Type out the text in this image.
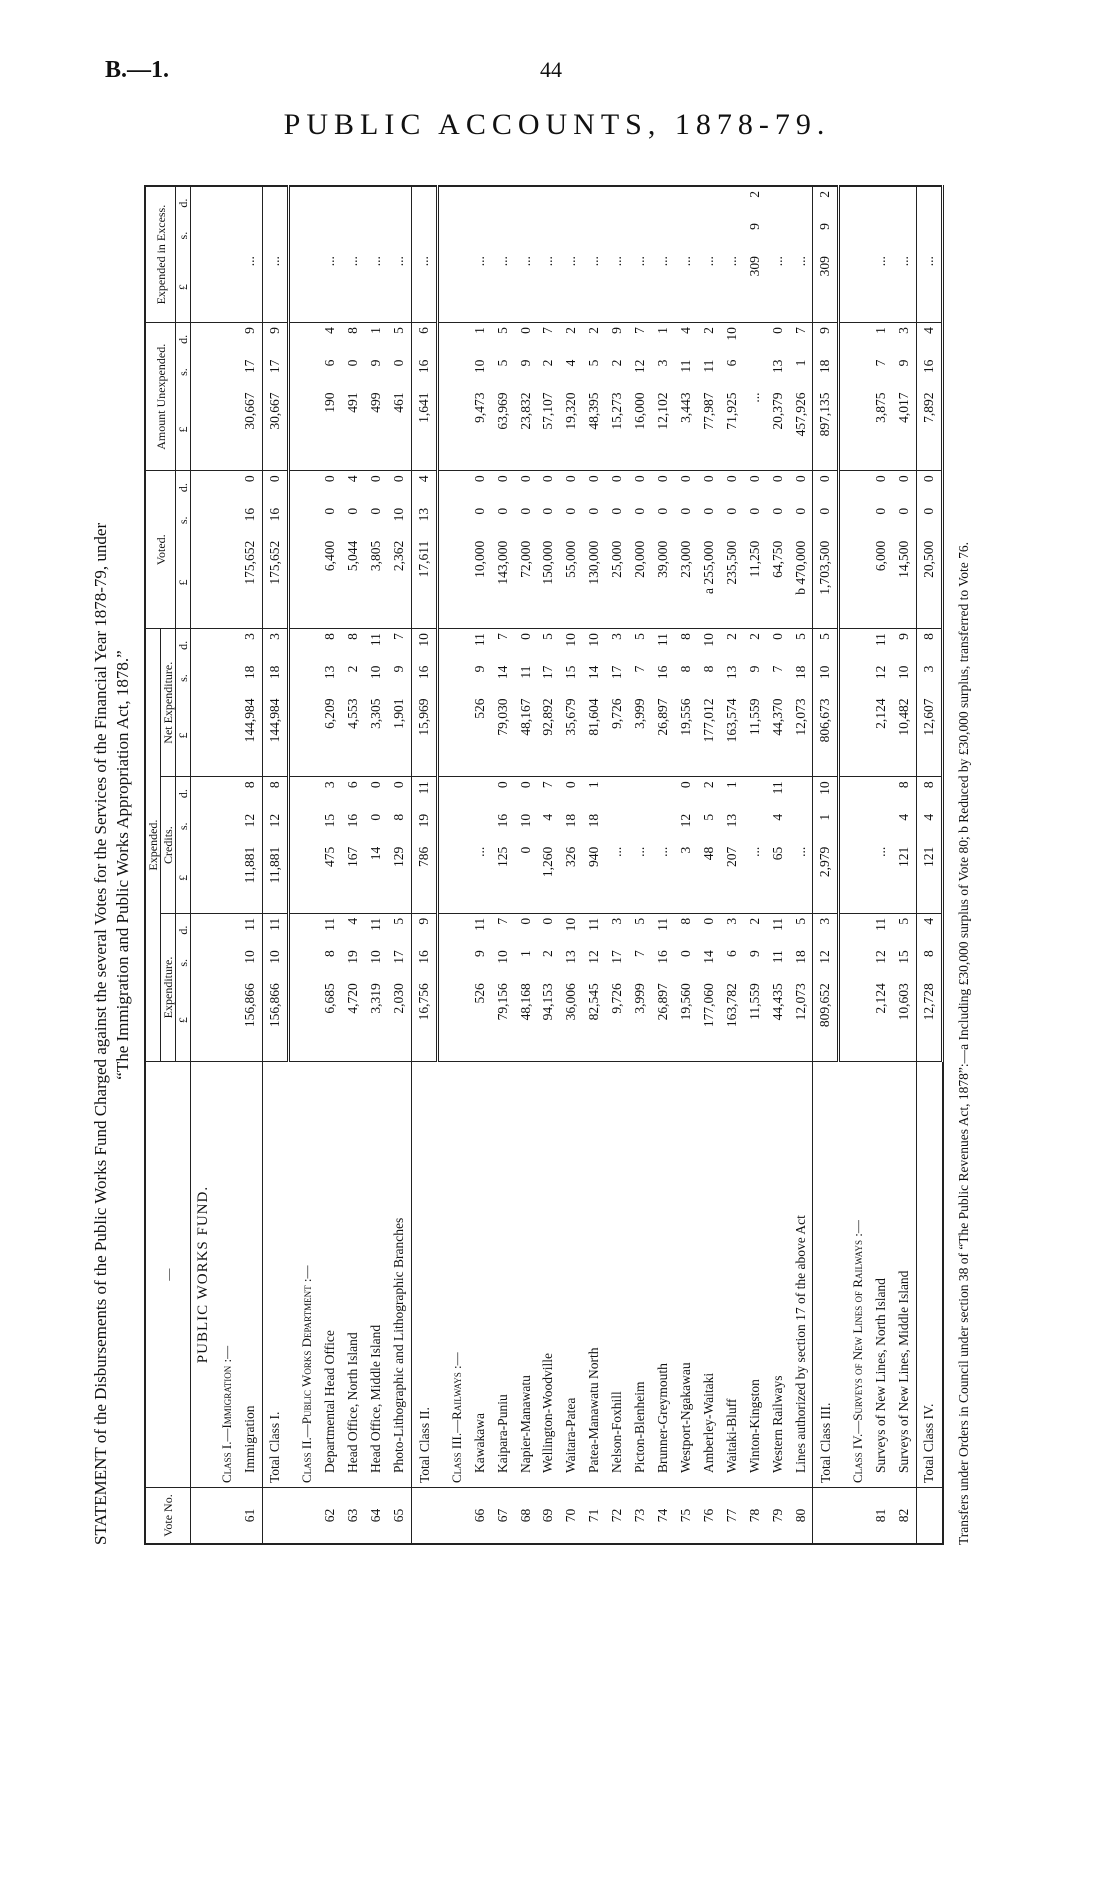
B.—1.	44
PUBLIC ACCOUNTS, 1878-79.
STATEMENT of the Disbursements of the Public Works Fund Charged against the several Votes for the Services of the Financial Year 1878-79, under “The Immigration and Public Works Appropriation Act, 1878.”
Vote No.	—	Expended.									Voted.			Amount Unexpended.			Expended in Excess.		
		Expenditure.			Credits.			Net Expenditure.											
		£	s.	d.	£	s.	d.	£	s.	d.	£	s.	d.	£	s.	d.	£	s.	d.
	PUBLIC WORKS FUND.																		
	Class I.—Immigration :—																		
61	Immigration	156,866	10	11	11,881	12	8	144,984	18	3	175,652	16	0	30,667	17	9	...		
	Total Class I.	156,866	10	11	11,881	12	8	144,984	18	3	175,652	16	0	30,667	17	9	...		

	Class II.—Public Works Department :—																		
62	Departmental Head Office	6,685	8	11	475	15	3	6,209	13	8	6,400	0	0	190	6	4	...		
63	Head Office, North Island	4,720	19	4	167	16	6	4,553	2	8	5,044	0	4	491	0	8	...		
64	Head Office, Middle Island	3,319	10	11	14	0	0	3,305	10	11	3,805	0	0	499	9	1	...		
65	Photo-Lithographic and Lithographic Branches	2,030	17	5	129	8	0	1,901	9	7	2,362	10	0	461	0	5	...		
	Total Class II.	16,756	16	9	786	19	11	15,969	16	10	17,611	13	4	1,641	16	6	...		

	Class III.—Railways :—																		
66	Kawakawa	526	9	11	...			526	9	11	10,000	0	0	9,473	10	1	...		
67	Kaipara-Puniu	79,156	10	7	125	16	0	79,030	14	7	143,000	0	0	63,969	5	5	...		
68	Napier-Manawatu	48,168	1	0	0	10	0	48,167	11	0	72,000	0	0	23,832	9	0	...		
69	Wellington-Woodville	94,153	2	0	1,260	4	7	92,892	17	5	150,000	0	0	57,107	2	7	...		
70	Waitara-Patea	36,006	13	10	326	18	0	35,679	15	10	55,000	0	0	19,320	4	2	...		
71	Patea-Manawatu North	82,545	12	11	940	18	1	81,604	14	10	130,000	0	0	48,395	5	2	...		
72	Nelson-Foxhill	9,726	17	3	...			9,726	17	3	25,000	0	0	15,273	2	9	...		
73	Picton-Blenheim	3,999	7	5	...			3,999	7	5	20,000	0	0	16,000	12	7	...		
74	Brunner-Greymouth	26,897	16	11	...			26,897	16	11	39,000	0	0	12,102	3	1	...		
75	Westport-Ngakawau	19,560	0	8	3	12	0	19,556	8	8	23,000	0	0	3,443	11	4	...		
76	Amberley-Waitaki	177,060	14	0	48	5	2	177,012	8	10	a 255,000	0	0	77,987	11	2	...		
77	Waitaki-Bluff	163,782	6	3	207	13	1	163,574	13	2	235,500	0	0	71,925	6	10	...		
78	Winton-Kingston	11,559	9	2	...			11,559	9	2	11,250	0	0	...			309	9	2
79	Western Railways	44,435	11	11	65	4	11	44,370	7	0	64,750	0	0	20,379	13	0	...		
80	Lines authorized by section 17 of the above Act	12,073	18	5	...			12,073	18	5	b 470,000	0	0	457,926	1	7	...		
	Total Class III.	809,652	12	3	2,979	1	10	806,673	10	5	1,703,500	0	0	897,135	18	9	309	9	2

	Class IV.—Surveys of New Lines of Railways :—																		
81	Surveys of New Lines, North Island	2,124	12	11	...			2,124	12	11	6,000	0	0	3,875	7	1	...		
82	Surveys of New Lines, Middle Island	10,603	15	5	121	4	8	10,482	10	9	14,500	0	0	4,017	9	3	...		
	Total Class IV.	12,728	8	4	121	4	8	12,607	3	8	20,500	0	0	7,892	16	4	...		
Transfers under Orders in Council under section 38 of “The Public Revenues Act, 1878”:—a Including £30,000 surplus of Vote 80; b Reduced by £30,000 surplus, transferred to Vote 76.
